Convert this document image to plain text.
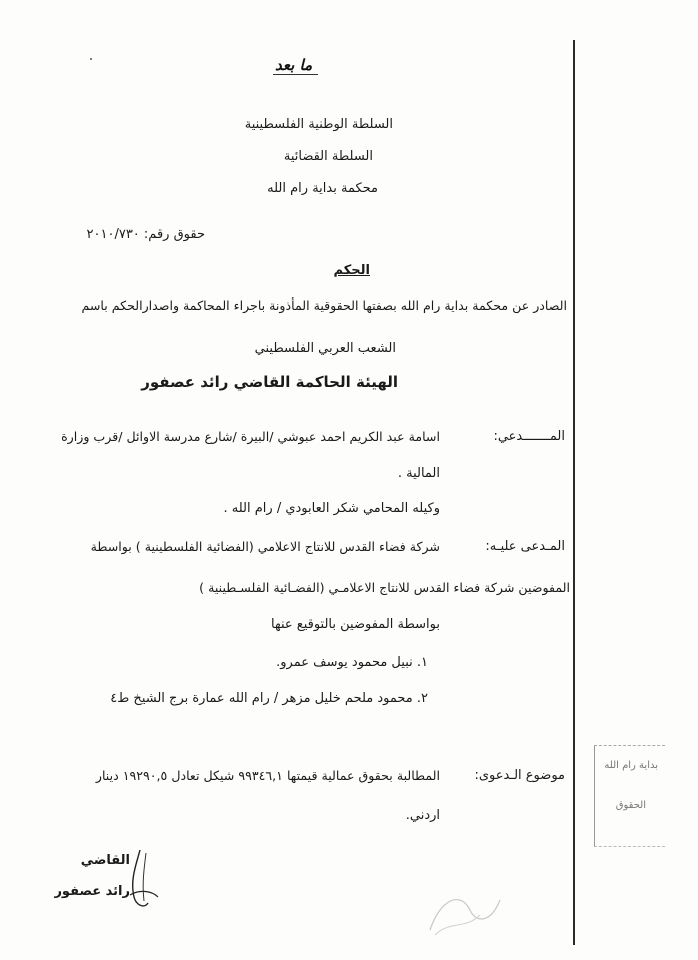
ما بعد
السلطة الوطنية الفلسطينية
السلطة القضائية
محكمة بداية رام الله
حقوق رقم: ٢٠١٠/٧٣٠
الحكم
الصادر عن محكمة بداية رام الله بصفتها الحقوقية المأذونة باجراء المحاكمة واصدارالحكم باسم
الشعب العربي الفلسطيني
الهيئة الحاكمة القاضي رائد عصفور
المـــــــدعي:
اسامة عبد الكريم احمد عبوشي /البيرة /شارع مدرسة الاوائل /قرب وزارة
المالية .
وكيله المحامي شكر العابودي / رام الله .
المـدعى عليـه:
شركة فضاء القدس للانتاج الاعلامي (الفضائية الفلسطينية ) بواسطة
المفوضين شركة فضاء القدس للانتاج الاعلامـي (الفضـائية الفلسـطينية )
بواسطة المفوضين بالتوقيع عنها
١. نبيل محمود يوسف عمرو.
٢. محمود ملحم خليل مزهر / رام الله عمارة برج الشيخ ط٤
موضوع الـدعوى:
المطالبة بحقوق عمالية قيمتها ٩٩٣٤٦,١ شيكل تعادل ١٩٢٩٠,٥ دينار
اردني.
القاضي
رائد عصفور
بداية رام الله
الحقوق
